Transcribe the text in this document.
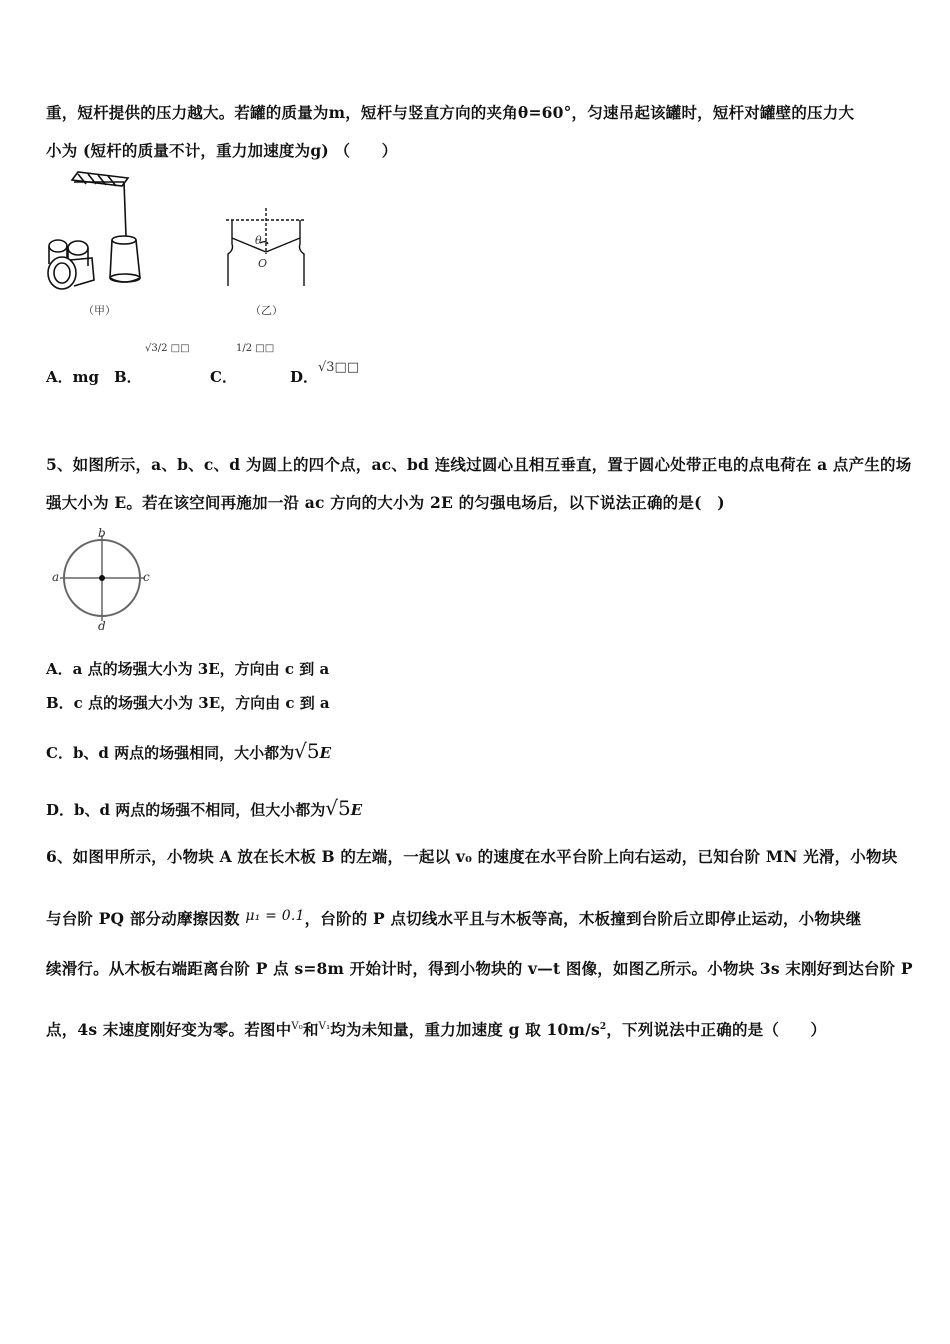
重，短杆提供的压力越大。若罐的质量为m，短杆与竖直方向的夹角θ=60°，匀速吊起该罐时，短杆对罐壁的压力大
小为 (短杆的质量不计，重力加速度为g) （　　）
（甲）
θ
O
（乙）
A．mg B．
√3/2 □□
C．
1/2 □□
D．
√3□□
5、如图所示，a、b、c、d 为圆上的四个点，ac、bd 连线过圆心且相互垂直，置于圆心处带正电的点电荷在 a 点产生的场
强大小为 E。若在该空间再施加一沿 ac 方向的大小为 2E 的匀强电场后，以下说法正确的是(　)
b
a	c
d
A．a 点的场强大小为 3E，方向由 c 到 a
B．c 点的场强大小为 3E，方向由 c 到 a
C．b、d 两点的场强相同，大小都为√5E
D．b、d 两点的场强不相同，但大小都为√5E
6、如图甲所示，小物块 A 放在长木板 B 的左端，一起以 v₀ 的速度在水平台阶上向右运动，已知台阶 MN 光滑，小物块
与台阶 PQ 部分动摩擦因数 μ₁ = 0.1，台阶的 P 点切线水平且与木板等高，木板撞到台阶后立即停止运动，小物块继
续滑行。从木板右端距离台阶 P 点 s=8m 开始计时，得到小物块的 v—t 图像，如图乙所示。小物块 3s 末刚好到达台阶 P
点，4s 末速度刚好变为零。若图中$^{V_0}$和$^{V_1}$均为未知量，重力加速度 g 取 $10m/s^2$，下列说法中正确的是（　　）
